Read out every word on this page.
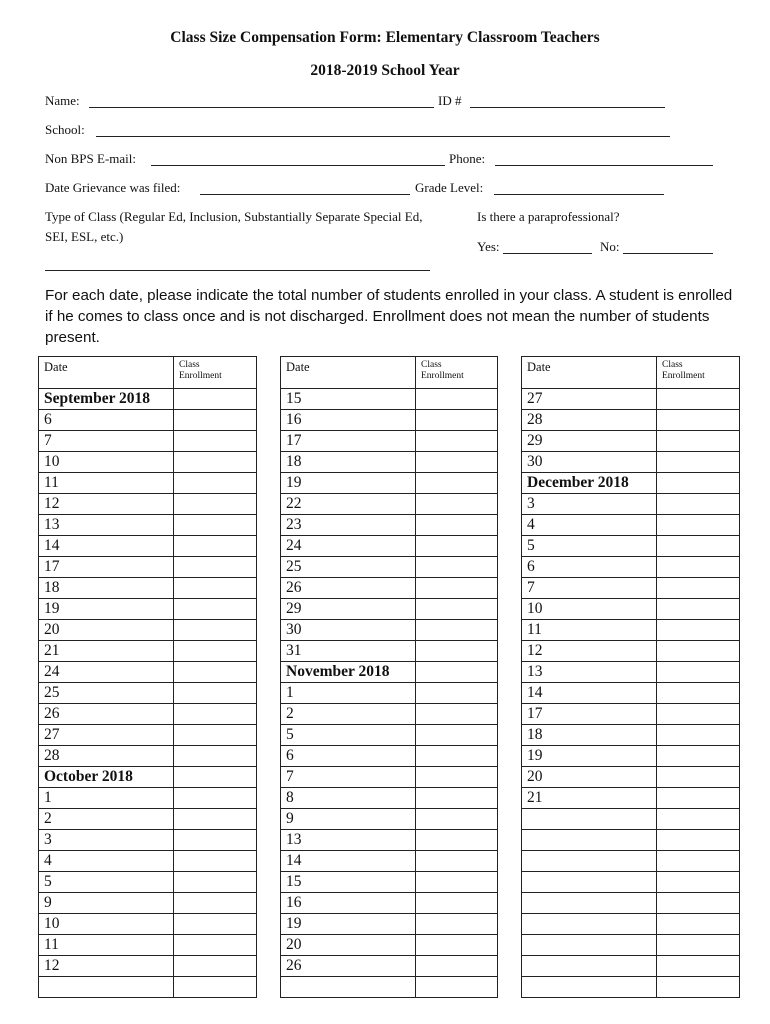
Class Size Compensation Form: Elementary Classroom Teachers
2018-2019 School Year
Name:	ID #
School:
Non BPS E-mail:	Phone:
Date Grievance was filed:	Grade Level:
Type of Class (Regular Ed, Inclusion, Substantially Separate Special Ed,
SEI, ESL, etc.)
Is there a paraprofessional?
Yes:	No:
For each date, please indicate the total number of students enrolled in your class. A student is enrolled if he comes to class once and is not discharged. Enrollment does not mean the number of students present.
Date	Class
Enrollment

September 2018	
6	
7	
10	
11	
12	
13	
14	
17	
18	
19	
20	
21	
24	
25	
26	
27	
28	
October 2018	
1	
2	
3	
4	
5	
9	
10	
11	
12	

Date	Class
Enrollment

15	
16	
17	
18	
19	
22	
23	
24	
25	
26	
29	
30	
31	
November 2018	
1	
2	
5	
6	
7	
8	
9	
13	
14	
15	
16	
19	
20	
26	

Date	Class
Enrollment

27	
28	
29	
30	
December 2018	
3	
4	
5	
6	
7	
10	
11	
12	
13	
14	
17	
18	
19	
20	
21	
